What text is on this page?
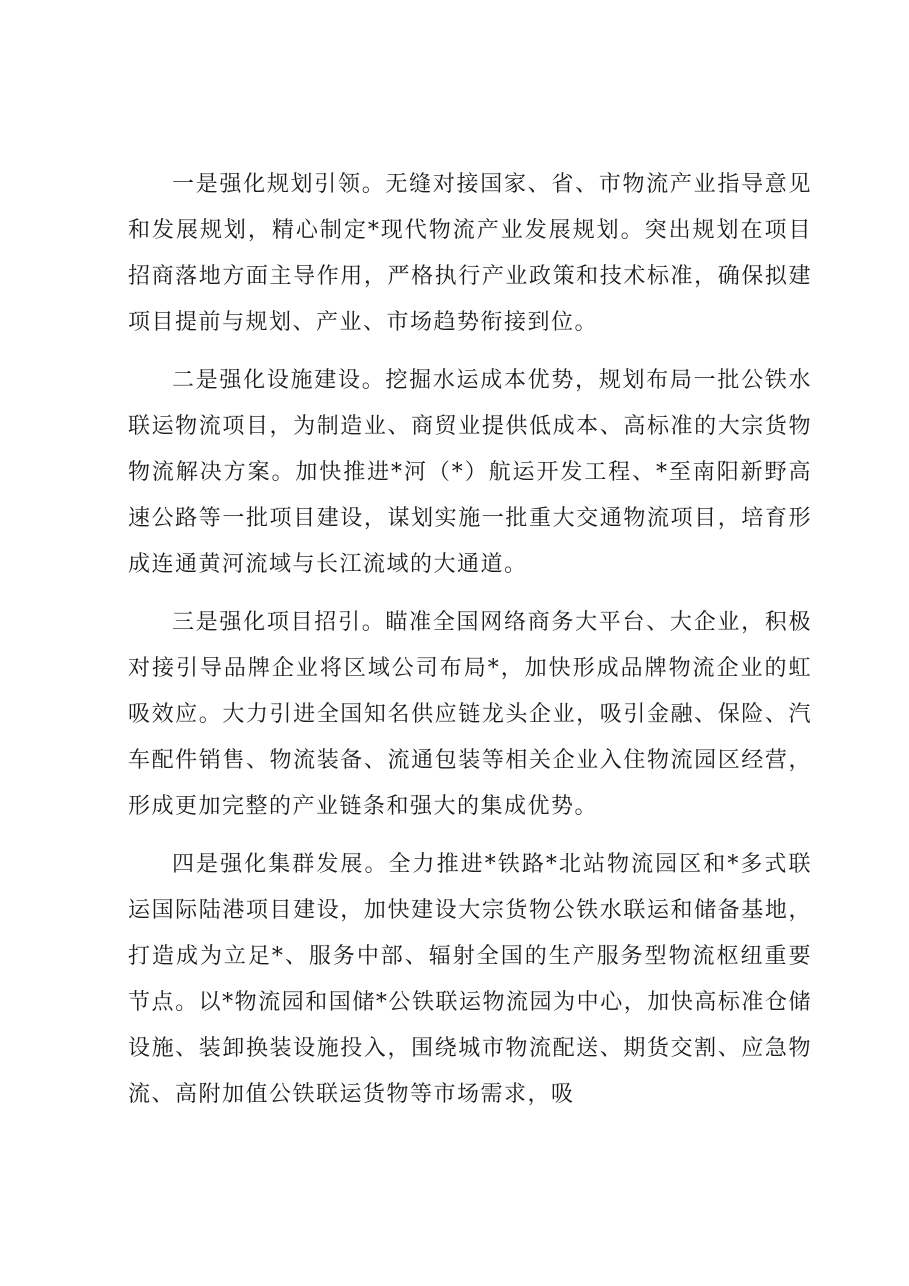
一是强化规划引领。无缝对接国家、省、市物流产业指导意见和发展规划，精心制定*现代物流产业发展规划。突出规划在项目招商落地方面主导作用，严格执行产业政策和技术标准，确保拟建项目提前与规划、产业、市场趋势衔接到位。

二是强化设施建设。挖掘水运成本优势，规划布局一批公铁水联运物流项目，为制造业、商贸业提供低成本、高标准的大宗货物物流解决方案。加快推进*河（*）航运开发工程、*至南阳新野高速公路等一批项目建设，谋划实施一批重大交通物流项目，培育形成连通黄河流域与长江流域的大通道。

三是强化项目招引。瞄准全国网络商务大平台、大企业，积极对接引导品牌企业将区域公司布局*，加快形成品牌物流企业的虹吸效应。大力引进全国知名供应链龙头企业，吸引金融、保险、汽车配件销售、物流装备、流通包装等相关企业入住物流园区经营，形成更加完整的产业链条和强大的集成优势。

四是强化集群发展。全力推进*铁路*北站物流园区和*多式联运国际陆港项目建设，加快建设大宗货物公铁水联运和储备基地，打造成为立足*、服务中部、辐射全国的生产服务型物流枢纽重要节点。以*物流园和国储*公铁联运物流园为中心，加快高标准仓储设施、装卸换装设施投入，围绕城市物流配送、期货交割、应急物流、高附加值公铁联运货物等市场需求，吸
